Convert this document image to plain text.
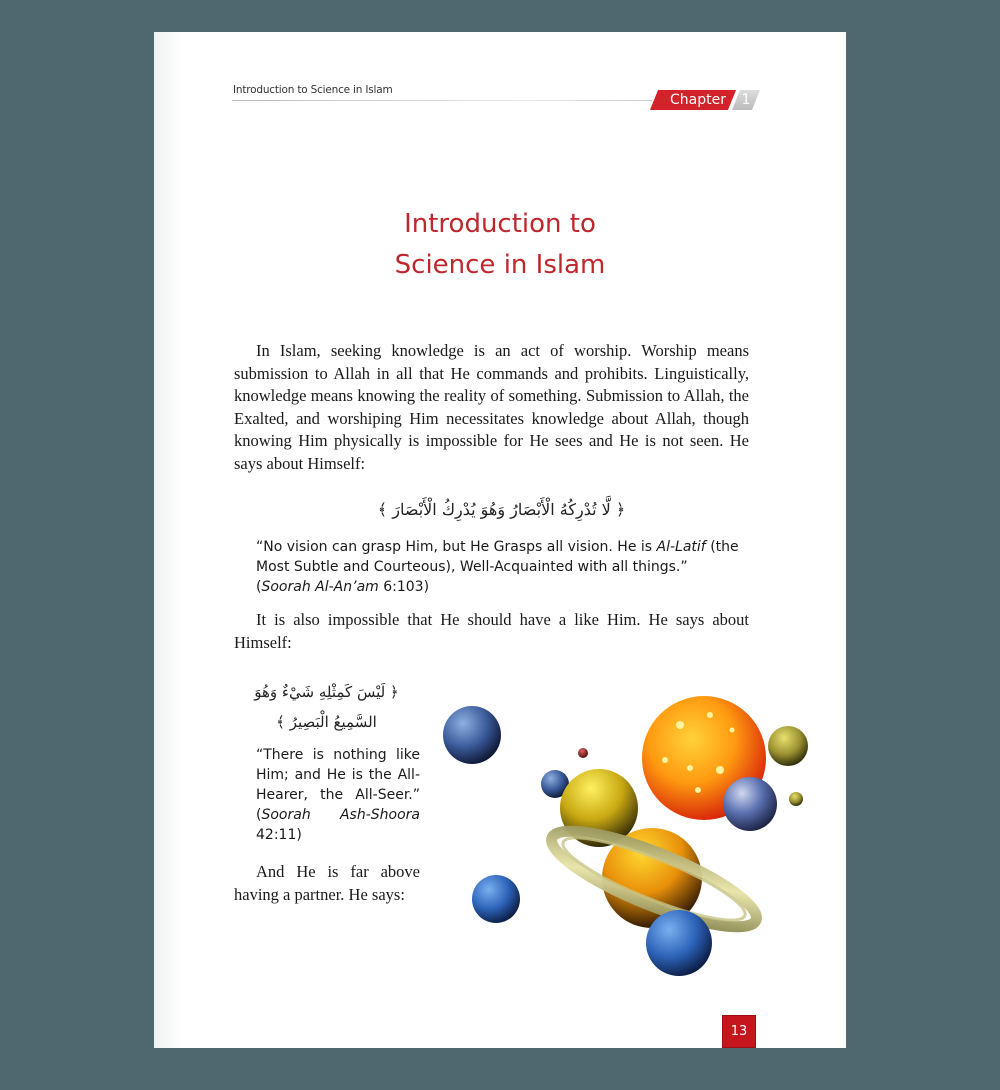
Introduction to Science in Islam
Chapter	1
Introduction to
Science in Islam

In Islam, seeking knowledge is an act of worship. Worship means submission to Allah in all that He commands and prohibits. Linguistically, knowledge means knowing the reality of something. Submission to Allah, the Exalted, and worshiping Him necessitates knowledge about Allah, though knowing Him physically is impossible for He sees and He is not seen. He says about Himself:

﴿ لَّا تُدْرِكُهُ الْأَبْصَارُ وَهُوَ يُدْرِكُ الْأَبْصَارَ ﴾
“No vision can grasp Him, but He Grasps all vision. He is Al-Latif (the Most Subtle and Courteous), Well-Acquainted with all things.”
(Soorah Al-An’am 6:103)

It is also impossible that He should have a like Him. He says about Himself:

﴿ لَيْسَ كَمِثْلِهِ شَيْءٌ وَهُوَ
السَّمِيعُ الْبَصِيرُ ﴾
“There is nothing like Him; and He is the All-Hearer, the All-Seer.” (Soorah Ash-Shoora 42:11)

And He is far above having a partner. He says:

13
